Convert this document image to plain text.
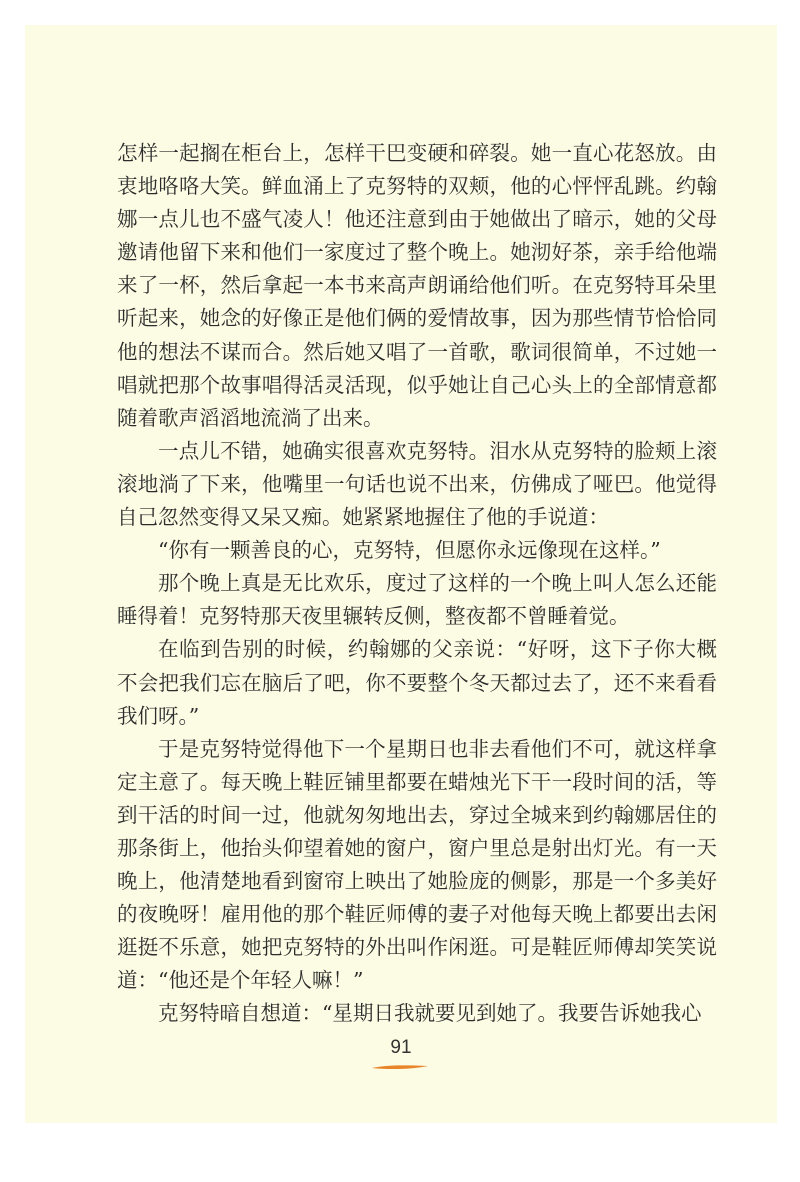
怎样一起搁在柜台上，怎样干巴变硬和碎裂。她一直心花怒放。由衷地咯咯大笑。鲜血涌上了克努特的双颊，他的心怦怦乱跳。约翰娜一点儿也不盛气凌人！他还注意到由于她做出了暗示，她的父母邀请他留下来和他们一家度过了整个晚上。她沏好茶，亲手给他端来了一杯，然后拿起一本书来高声朗诵给他们听。在克努特耳朵里听起来，她念的好像正是他们俩的爱情故事，因为那些情节恰恰同他的想法不谋而合。然后她又唱了一首歌，歌词很简单，不过她一唱就把那个故事唱得活灵活现，似乎她让自己心头上的全部情意都随着歌声滔滔地流淌了出来。

一点儿不错，她确实很喜欢克努特。泪水从克努特的脸颊上滚滚地淌了下来，他嘴里一句话也说不出来，仿佛成了哑巴。他觉得自己忽然变得又呆又痴。她紧紧地握住了他的手说道：

“你有一颗善良的心，克努特，但愿你永远像现在这样。”

那个晚上真是无比欢乐，度过了这样的一个晚上叫人怎么还能睡得着！克努特那天夜里辗转反侧，整夜都不曾睡着觉。

在临到告别的时候，约翰娜的父亲说：“好呀，这下子你大概不会把我们忘在脑后了吧，你不要整个冬天都过去了，还不来看看我们呀。”

于是克努特觉得他下一个星期日也非去看他们不可，就这样拿定主意了。每天晚上鞋匠铺里都要在蜡烛光下干一段时间的活，等到干活的时间一过，他就匆匆地出去，穿过全城来到约翰娜居住的那条街上，他抬头仰望着她的窗户，窗户里总是射出灯光。有一天晚上，他清楚地看到窗帘上映出了她脸庞的侧影，那是一个多美好的夜晚呀！雇用他的那个鞋匠师傅的妻子对他每天晚上都要出去闲逛挺不乐意，她把克努特的外出叫作闲逛。可是鞋匠师傅却笑笑说道：“他还是个年轻人嘛！”

克努特暗自想道：“星期日我就要见到她了。我要告诉她我心

91
